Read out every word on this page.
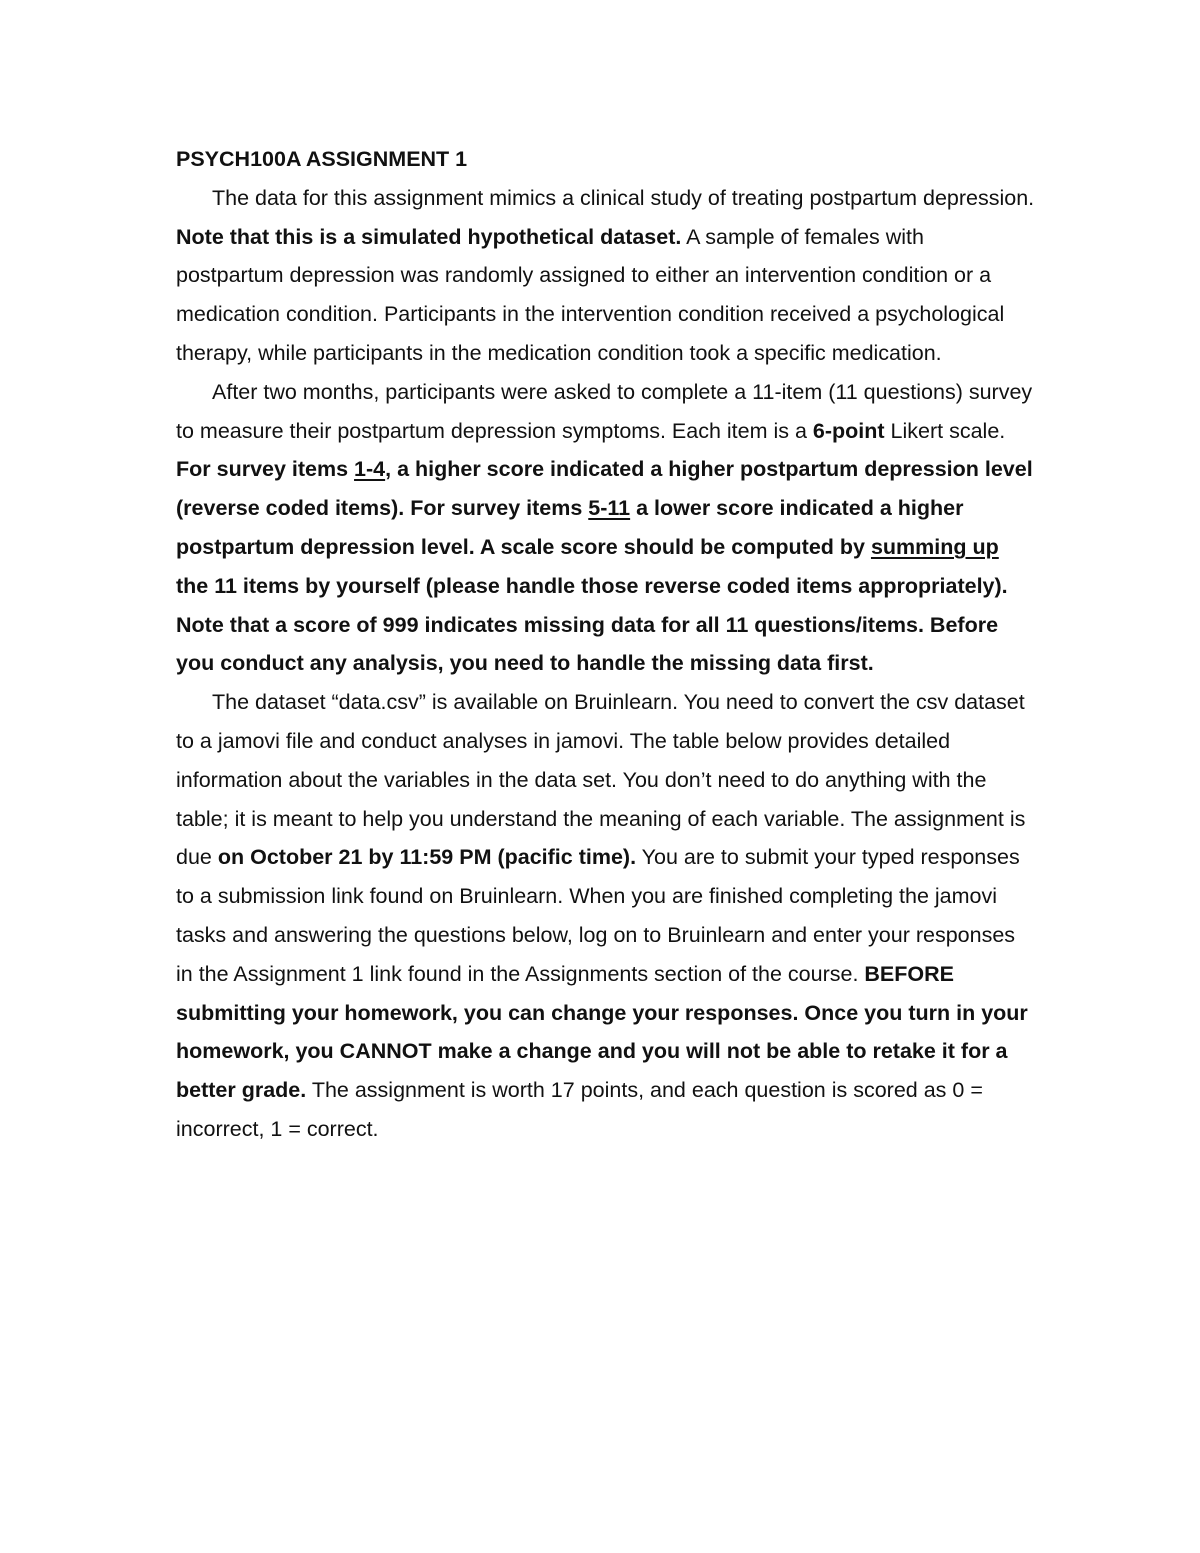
PSYCH100A ASSIGNMENT 1

The data for this assignment mimics a clinical study of treating postpartum depression. Note that this is a simulated hypothetical dataset. A sample of females with postpartum depression was randomly assigned to either an intervention condition or a medication condition. Participants in the intervention condition received a psychological therapy, while participants in the medication condition took a specific medication.

After two months, participants were asked to complete a 11-item (11 questions) survey to measure their postpartum depression symptoms. Each item is a 6-point Likert scale. For survey items 1-4, a higher score indicated a higher postpartum depression level (reverse coded items). For survey items 5-11 a lower score indicated a higher postpartum depression level. A scale score should be computed by summing up the 11 items by yourself (please handle those reverse coded items appropriately). Note that a score of 999 indicates missing data for all 11 questions/items. Before you conduct any analysis, you need to handle the missing data first.

The dataset “data.csv” is available on Bruinlearn. You need to convert the csv dataset to a jamovi file and conduct analyses in jamovi. The table below provides detailed information about the variables in the data set. You don’t need to do anything with the table; it is meant to help you understand the meaning of each variable. The assignment is due on October 21 by 11:59 PM (pacific time). You are to submit your typed responses to a submission link found on Bruinlearn. When you are finished completing the jamovi tasks and answering the questions below, log on to Bruinlearn and enter your responses in the Assignment 1 link found in the Assignments section of the course. BEFORE submitting your homework, you can change your responses. Once you turn in your homework, you CANNOT make a change and you will not be able to retake it for a better grade. The assignment is worth 17 points, and each question is scored as 0 = incorrect, 1 = correct.
